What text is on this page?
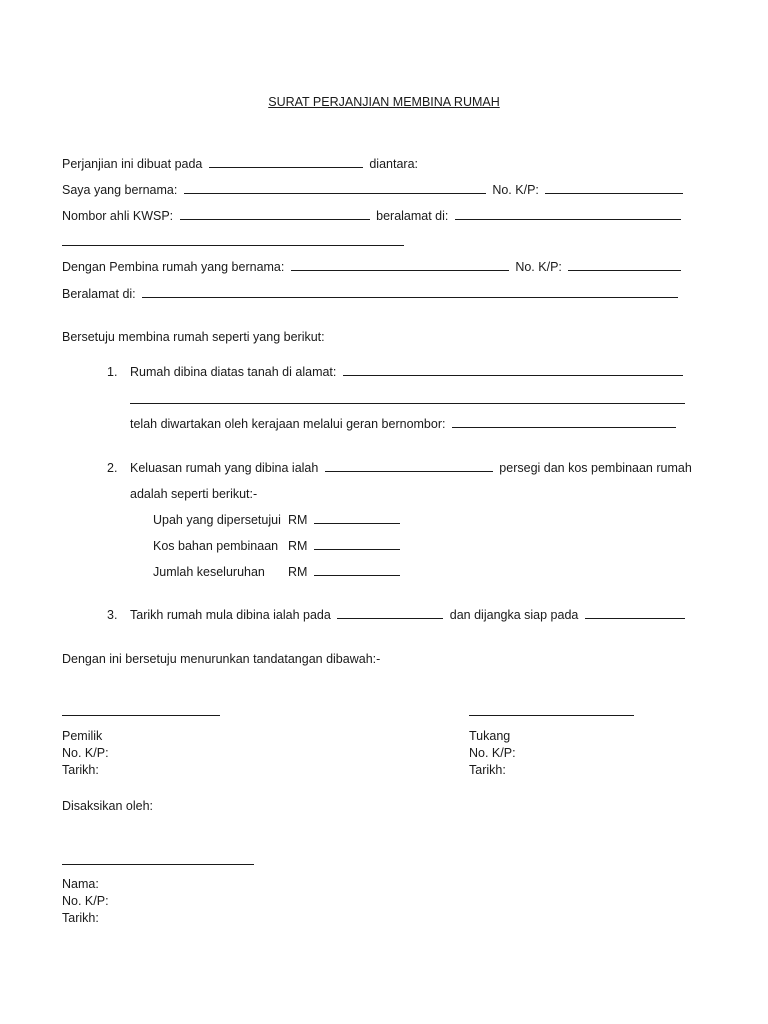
SURAT PERJANJIAN MEMBINA RUMAH
Perjanjian ini dibuat pada	diantara:
Saya yang bernama:	No. K/P:
Nombor ahli KWSP:	beralamat di:
Dengan Pembina rumah yang bernama:	No. K/P:
Beralamat di:
Bersetuju membina rumah seperti yang berikut:
1. Rumah dibina diatas tanah di alamat:
telah diwartakan oleh kerajaan melalui geran bernombor:
2. Keluasan rumah yang dibina ialah	persegi dan kos pembinaan rumah
adalah seperti berikut:-
Upah yang dipersetujui RM
Kos bahan pembinaan RM
Jumlah keseluruhan RM
3. Tarikh rumah mula dibina ialah pada	dan dijangka siap pada
Dengan ini bersetuju menurunkan tandatangan dibawah:-
Pemilik
No. K/P:
Tarikh:
Tukang
No. K/P:
Tarikh:
Disaksikan oleh:
Nama:
No. K/P:
Tarikh:
